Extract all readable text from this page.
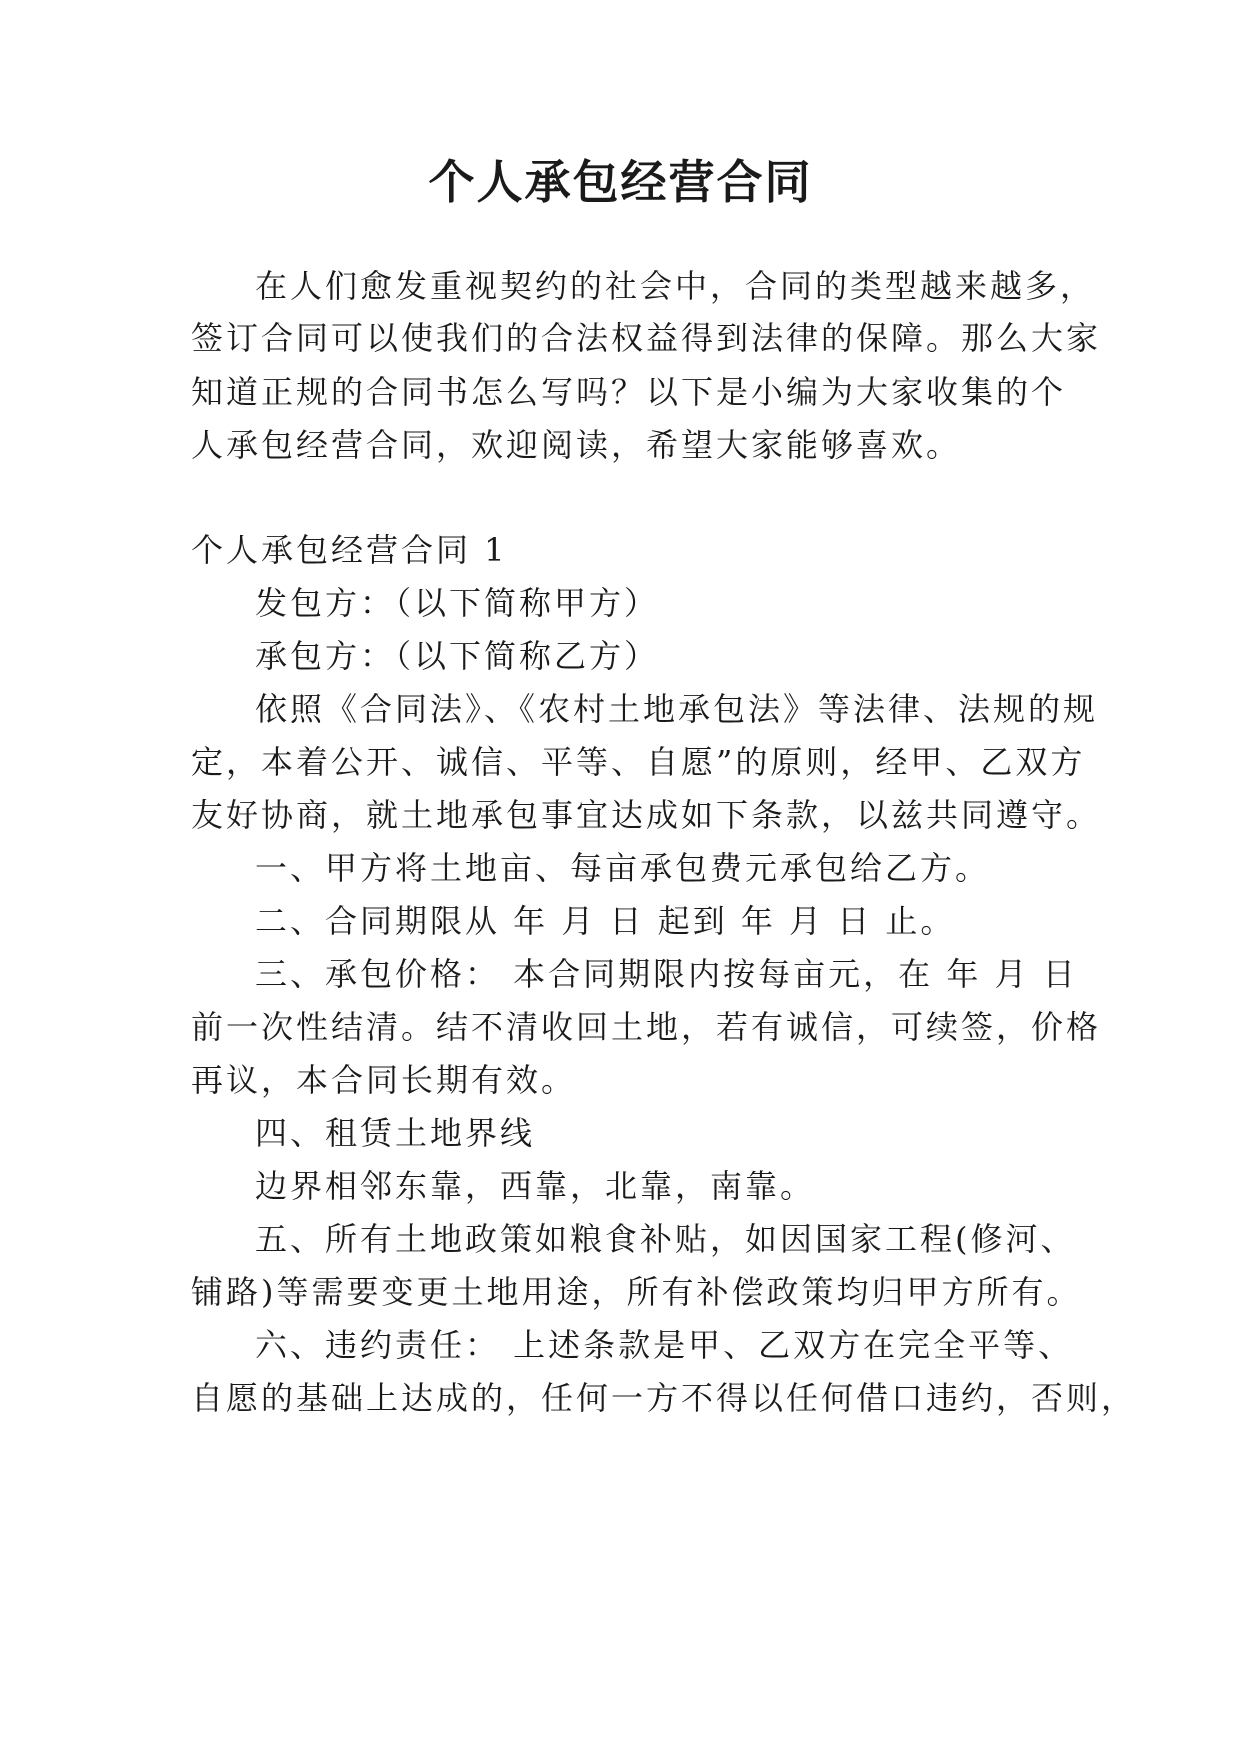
个人承包经营合同
在人们愈发重视契约的社会中，合同的类型越来越多，
签订合同可以使我们的合法权益得到法律的保障。那么大家
知道正规的合同书怎么写吗？以下是小编为大家收集的个
人承包经营合同，欢迎阅读，希望大家能够喜欢。
个人承包经营合同 1
发包方：（以下简称甲方）
承包方：（以下简称乙方）
依照《合同法》、《农村土地承包法》等法律、法规的规
定，本着公开、诚信、平等、自愿”的原则，经甲、乙双方
友好协商，就土地承包事宜达成如下条款，以兹共同遵守。
一、甲方将土地亩、每亩承包费元承包给乙方。
二、合同期限从 年 月 日 起到 年 月 日 止。
三、承包价格： 本合同期限内按每亩元，在 年 月 日
前一次性结清。结不清收回土地，若有诚信，可续签，价格
再议，本合同长期有效。
四、租赁土地界线
边界相邻东靠，西靠，北靠，南靠。
五、所有土地政策如粮食补贴，如因国家工程(修河、
铺路)等需要变更土地用途，所有补偿政策均归甲方所有。
六、违约责任： 上述条款是甲、乙双方在完全平等、
自愿的基础上达成的，任何一方不得以任何借口违约，否则，
